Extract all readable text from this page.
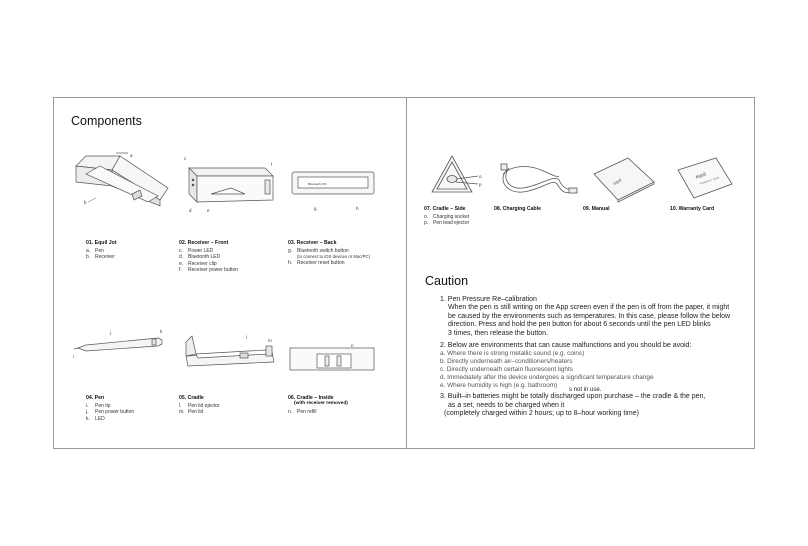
Components
a
b
c
f
d	e
Bluetooth iOS
g	h
01. Equil Jot
a. Pen
b. Receiver
02. Receiver – Front
c. Power LED
d. Bluetooth LED
e. Receiver clip
f. Receiver power button
03. Receiver – Back
g. Bluetooth switch button
(to connect to iOS devices or Mac/PC)
h. Receiver reset button
j	k
i
l
m
n
04. Pen
i. Pen tip
j. Pen power button
k. LED
05. Cradle
l. Pen lid ejector
m. Pen lid
06. Cradle – Inside
(with receiver removed)
n. Pen refill
o
p	equil
equil
WARRANTY CARD
07. Cradle – Side
o. Charging socket
p. Pen lead ejector
08. Charging Cable	09. Manual	10. Warranty Card
Caution
1. Pen Pressure Re–calibration
When the pen is still writing on the App screen even if the pen is off from the paper, it might
be caused by the environments such as temperatures. In this case, please follow the below
direction. Press and hold the pen button for about 6 seconds until the pen LED blinks
3 times, then release the button.
2. Below are environments that can cause malfunctions and you should be avoid:
a. Where there is strong metallic sound (e.g. coins)
b. Directly underneath air–conditioners/heaters
c. Directly underneath certain fluorescent lights
d. Immediately after the device undergoes a significant temperature change
e. Where humidity is high (e.g. bathroom)
3. Built–in batteries might be totally discharged upon purchase – the cradle & the pen,
as a set, needs to be charged when it
(completely charged within 2 hours; up to 8–hour working time)
s not in use.
